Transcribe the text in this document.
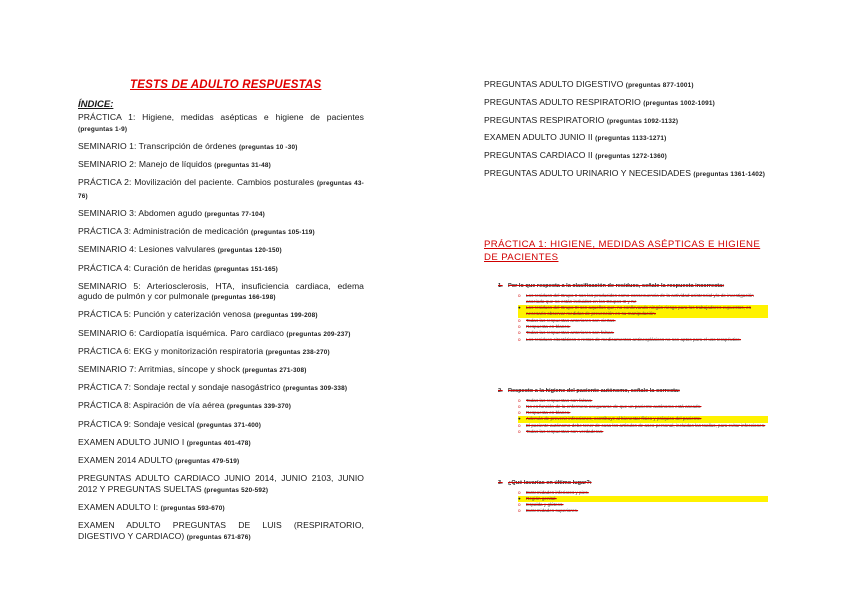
TESTS DE ADULTO RESPUESTAS
ÍNDICE:
PRÁCTICA 1: Higiene, medidas asépticas e higiene de pacientes (preguntas 1-9)
SEMINARIO 1: Transcripción de órdenes (preguntas 10 -30)
SEMINARIO 2: Manejo de líquidos (preguntas 31-48)
PRÁCTICA 2: Movilización del paciente. Cambios posturales (preguntas 43-76)
SEMINARIO 3: Abdomen agudo (preguntas 77-104)
PRÁCTICA 3: Administración de medicación (preguntas 105-119)
SEMINARIO 4: Lesiones valvulares (preguntas 120-150)
PRÁCTICA 4: Curación de heridas (preguntas 151-165)
SEMINARIO 5: Arteriosclerosis, HTA, insuficiencia cardiaca, edema agudo de pulmón y cor pulmonale (preguntas 166-198)
PRÁCTICA 5: Punción y caterización venosa (preguntas 199-208)
SEMINARIO 6: Cardiopatía isquémica. Paro cardiaco (preguntas 209-237)
PRÁCTICA 6: EKG y monitorización respiratoria (preguntas 238-270)
SEMINARIO 7: Arritmias, síncope y shock (preguntas 271-308)
PRÁCTICA 7: Sondaje rectal y sondaje nasogástrico (preguntas 309-338)
PRÁCTICA 8: Aspiración de vía aérea (preguntas 339-370)
PRÁCTICA 9: Sondaje vesical (preguntas 371-400)
EXAMEN ADULTO JUNIO I (preguntas 401-478)
EXAMEN 2014 ADULTO (preguntas 479-519)
PREGUNTAS ADULTO CARDIACO JUNIO 2014, JUNIO 2103, JUNIO 2012 Y PREGUNTAS SUELTAS (preguntas 520-592)
EXAMEN ADULTO I: (preguntas 593-670)
EXAMEN ADULTO PREGUNTAS DE LUIS (RESPIRATORIO, DIGESTIVO Y CARDIACO) (preguntas 671-876)
PREGUNTAS ADULTO DIGESTIVO (preguntas 877-1001)
PREGUNTAS ADULTO RESPIRATORIO (preguntas 1002-1091)
PREGUNTAS RESPIRATORIO (preguntas 1092-1132)
EXAMEN ADULTO JUNIO II (preguntas 1133-1271)
PREGUNTAS CARDIACO II (preguntas 1272-1360)
PREGUNTAS ADULTO URINARIO Y NECESIDADES (preguntas 1361-1402)
PRÁCTICA 1: HIGIENE, MEDIDAS ASÉPTICAS E HIGIENE DE PACIENTES
1. Por lo que respecta a la clasificación de residuos, señale la respuesta incorrecta:
o Los residuos del Grupo II son los producidos como consecuencia de la actividad asistencial y/o de investigación asociada que no están incluidos en los Grupos III y IV.
● Los residuos del Grupo III son aquellos que, no conllevando ningún riesgo para los trabajadores expuestos, es necesario observar medidas de prevención en su manipulación.
o Todas las respuestas anteriores son ciertas.
o Respuesta en blanco.
o Todas las respuestas anteriores son falsas.
o Los residuos citostáticos o restos de medicamentos antineoplásicos no son aptos para el uso terapéutico.
2. Respecto a la higiene del paciente autónomo, señale la correcta:
o Todas las respuestas son falsas.
o No es función de la enfermera asegurarse de que un paciente autónomo está aseado.
o Respuesta en blanco.
● Además de prevenir infecciones, contribuye al bienestar físico y psíquico del paciente.
o El paciente autónomo debe tener de casa los artículos de aseo personal, incluidas las toallas, para evitar infecciones.
o Todas las respuestas son verdaderas.
3. ¿Qué lavarías en último lugar?:
o Extremidades inferiores y pies.
● Región genital.
o Espalda y glúteos.
o Extremidades superiores.
